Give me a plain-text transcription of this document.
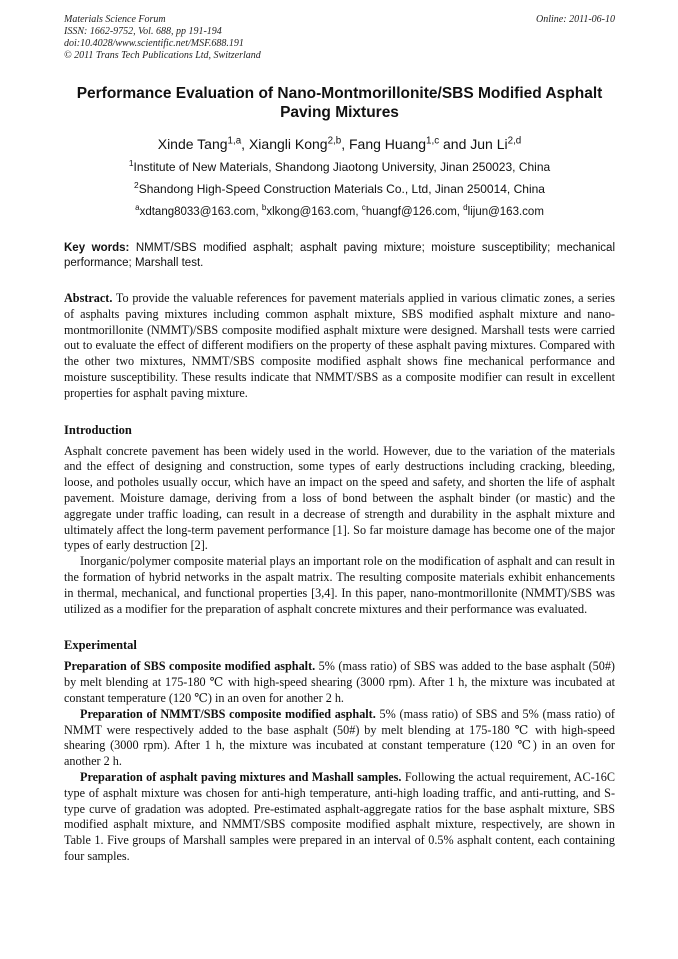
Materials Science Forum
ISSN: 1662-9752, Vol. 688, pp 191-194
doi:10.4028/www.scientific.net/MSF.688.191
© 2011 Trans Tech Publications Ltd, Switzerland
Online: 2011-06-10
Performance Evaluation of Nano-Montmorillonite/SBS Modified Asphalt Paving Mixtures
Xinde Tang$^{1,a}$, Xiangli Kong$^{2,b}$, Fang Huang$^{1,c}$ and Jun Li$^{2,d}$
$^1$Institute of New Materials, Shandong Jiaotong University, Jinan 250023, China
$^2$Shandong High-Speed Construction Materials Co., Ltd, Jinan 250014, China
$^a$xdtang8033@163.com, $^b$xlkong@163.com, $^c$huangf@126.com, $^d$lijun@163.com
Key words: NMMT/SBS modified asphalt; asphalt paving mixture; moisture susceptibility; mechanical performance; Marshall test.
Abstract. To provide the valuable references for pavement materials applied in various climatic zones, a series of asphalts paving mixtures including common asphalt mixture, SBS modified asphalt mixture and nano-montmorillonite (NMMT)/SBS composite modified asphalt mixture were designed. Marshall tests were carried out to evaluate the effect of different modifiers on the property of these asphalt paving mixtures. Compared with the other two mixtures, NMMT/SBS composite modified asphalt shows fine mechanical performance and moisture susceptibility. These results indicate that NMMT/SBS as a composite modifier can result in excellent properties for asphalt paving mixture.
Introduction
Asphalt concrete pavement has been widely used in the world. However, due to the variation of the materials and the effect of designing and construction, some types of early destructions including cracking, bleeding, loose, and potholes usually occur, which have an impact on the speed and safety, and shorten the life of asphalt pavement. Moisture damage, deriving from a loss of bond between the asphalt binder (or mastic) and the aggregate under traffic loading, can result in a decrease of strength and durability in the asphalt mixture and ultimately affect the long-term pavement performance [1]. So far moisture damage has become one of the major types of early destruction [2].
Inorganic/polymer composite material plays an important role on the modification of asphalt and can result in the formation of hybrid networks in the aspalt matrix. The resulting composite materials exhibit enhancements in thermal, mechanical, and functional properties [3,4]. In this paper, nano-montmorillonite (NMMT)/SBS was utilized as a modifier for the preparation of asphalt concrete mixtures and their performance was evaluated.
Experimental
Preparation of SBS composite modified asphalt. 5% (mass ratio) of SBS was added to the base asphalt (50#) by melt blending at 175-180 ℃ with high-speed shearing (3000 rpm). After 1 h, the mixture was incubated at constant temperature (120 ℃) in an oven for another 2 h.
Preparation of NMMT/SBS composite modified asphalt. 5% (mass ratio) of SBS and 5% (mass ratio) of NMMT were respectively added to the base asphalt (50#) by melt blending at 175-180 ℃ with high-speed shearing (3000 rpm). After 1 h, the mixture was incubated at constant temperature (120 ℃) in an oven for another 2 h.
Preparation of asphalt paving mixtures and Mashall samples. Following the actual requirement, AC-16C type of asphalt mixture was chosen for anti-high temperature, anti-high loading traffic, and anti-rutting, and S-type curve of gradation was adopted. Pre-estimated asphalt-aggregate ratios for the base asphalt mixture, SBS modified asphalt mixture, and NMMT/SBS composite modified asphalt mixture, respectively, are shown in Table 1. Five groups of Marshall samples were prepared in an interval of 0.5% asphalt content, each containing four samples.
